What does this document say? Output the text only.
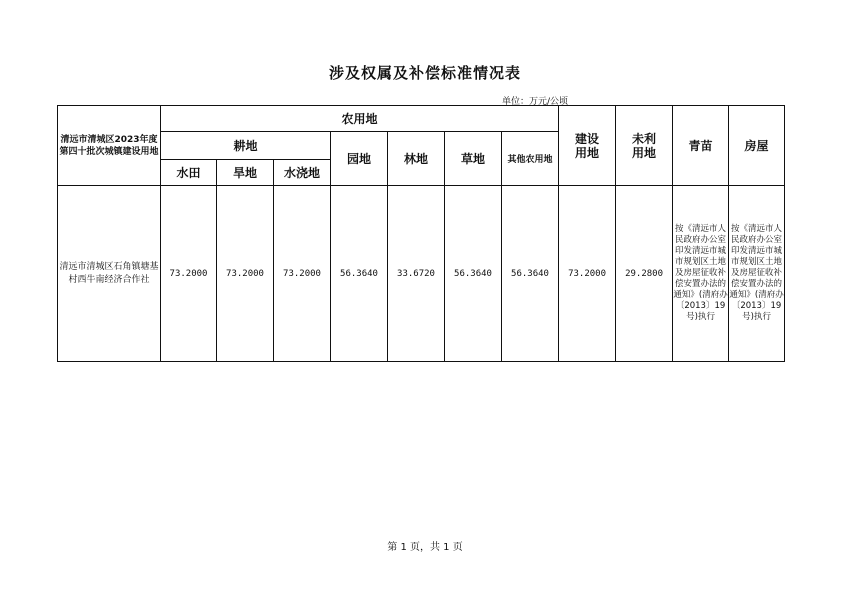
涉及权属及补偿标准情况表
单位：万元/公顷
清远市清城区2023年度第四十批次城镇建设用地	农用地							建设用地	未利用地	青苗	房屋
	耕地			园地	林地	草地	其他农用地				
	水田	旱地	水浇地								
清远市清城区石角镇塘基村西牛南经济合作社	73.2000	73.2000	73.2000	56.3640	33.6720	56.3640	56.3640	73.2000	29.2800	按《清远市人民政府办公室印发清远市城市规划区土地及房屋征收补偿安置办法的通知》(清府办〔2013〕19号)执行	按《清远市人民政府办公室印发清远市城市规划区土地及房屋征收补偿安置办法的通知》(清府办〔2013〕19号)执行
第 1 页，共 1 页
